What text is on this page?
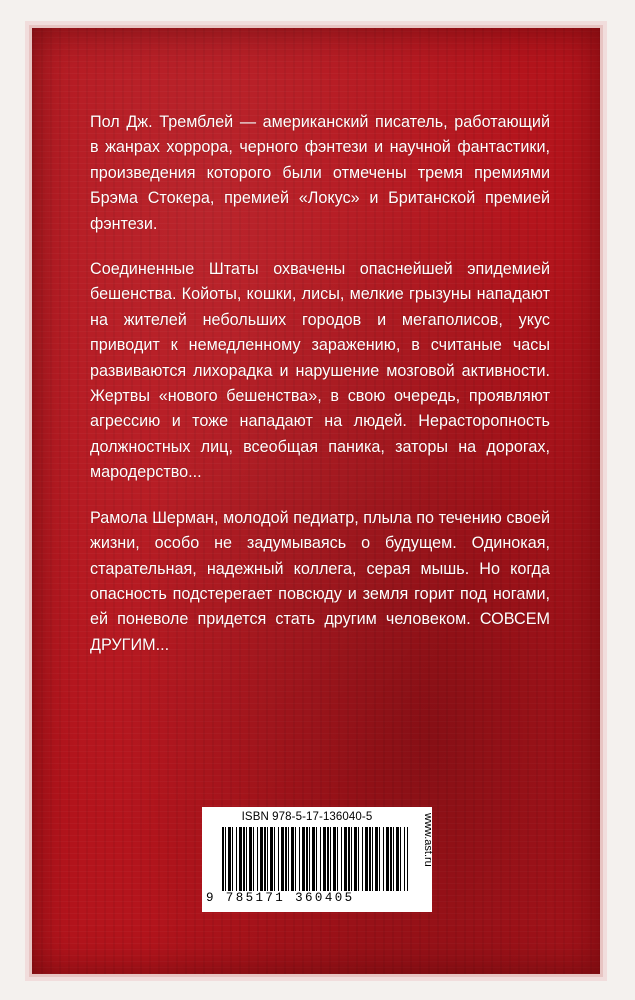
Пол Дж. Тремблей — американский писатель, работающий в жанрах хоррора, черного фэнтези и научной фантастики, произведения которого были отмечены тремя премиями Брэма Стокера, премией «Локус» и Британской премией фэнтези.

Соединенные Штаты охвачены опаснейшей эпидемией бешенства. Койоты, кошки, лисы, мелкие грызуны нападают на жителей небольших городов и мегаполисов, укус приводит к немедленному заражению, в считаные часы развиваются лихорадка и нарушение мозговой активности. Жертвы «нового бешенства», в свою очередь, проявляют агрессию и тоже нападают на людей. Нерасторопность должностных лиц, всеобщая паника, заторы на дорогах, мародерство...

Рамола Шерман, молодой педиатр, плыла по течению своей жизни, особо не задумываясь о будущем. Одинокая, старательная, надежный коллега, серая мышь. Но когда опасность подстерегает повсюду и земля горит под ногами, ей поневоле придется стать другим человеком. СОВСЕМ ДРУГИМ...

ISBN 978-5-17-136040-5
9 785171 360405
www.ast.ru
